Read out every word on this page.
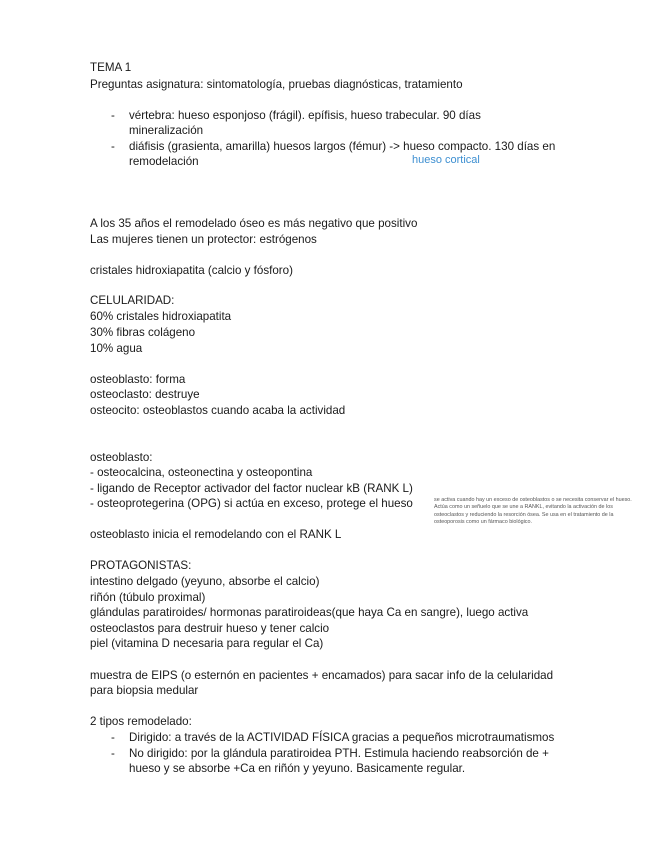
TEMA 1
Preguntas asignatura: sintomatología, pruebas diagnósticas, tratamiento
- vértebra: hueso esponjoso (frágil). epífisis, hueso trabecular. 90 días
mineralización
- diáfisis (grasienta, amarilla) huesos largos (fémur) -> hueso compacto. 130 días en
remodelación	hueso cortical
A los 35 años el remodelado óseo es más negativo que positivo
Las mujeres tienen un protector: estrógenos
cristales hidroxiapatita (calcio y fósforo)
CELULARIDAD:
60% cristales hidroxiapatita
30% fibras colágeno
10% agua
osteoblasto: forma
osteoclasto: destruye
osteocito: osteoblastos cuando acaba la actividad
osteoblasto:
- osteocalcina, osteonectina y osteopontina
- ligando de Receptor activador del factor nuclear kB (RANK L)
- osteoprotegerina (OPG) si actúa en exceso, protege el hueso	se activa cuando hay un exceso de osteoblastos o se necesita conservar el hueso. Actúa como un señuelo que se une a RANKL, evitando la activación de los osteoclastos y reduciendo la resorción ósea. Se usa en el tratamiento de la osteoporosis como un fármaco biológico.
osteoblasto inicia el remodelando con el RANK L
PROTAGONISTAS:
intestino delgado (yeyuno, absorbe el calcio)
riñón (túbulo proximal)
glándulas paratiroides/ hormonas paratiroideas(que haya Ca en sangre), luego activa
osteoclastos para destruir hueso y tener calcio
piel (vitamina D necesaria para regular el Ca)
muestra de EIPS (o esternón en pacientes + encamados) para sacar info de la celularidad
para biopsia medular
2 tipos remodelado:
- Dirigido: a través de la ACTIVIDAD FÍSICA gracias a pequeños microtraumatismos
- No dirigido: por la glándula paratiroidea PTH. Estimula haciendo reabsorción de +
hueso y se absorbe +Ca en riñón y yeyuno. Basicamente regular.
